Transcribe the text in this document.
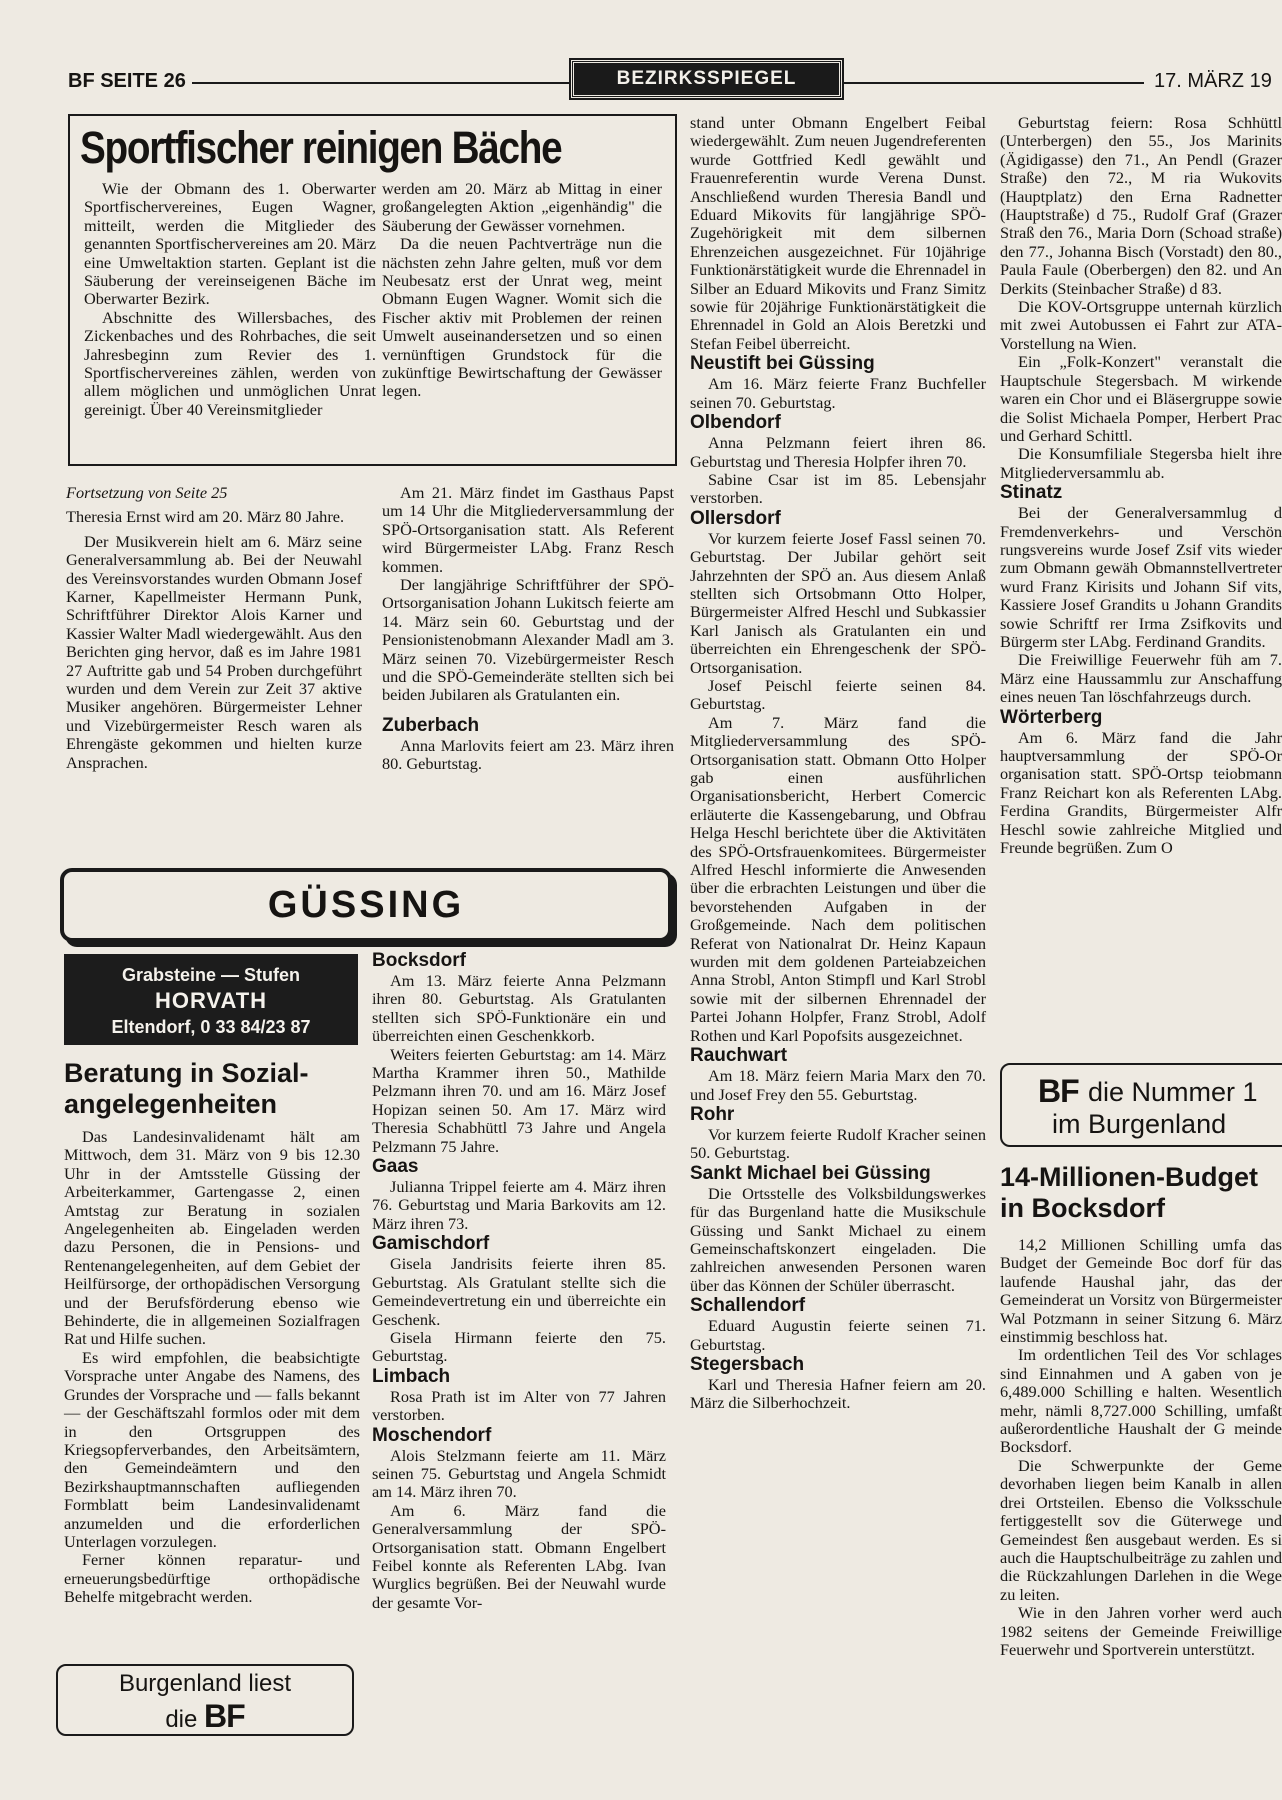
BF SEITE 26	BEZIRKSSPIEGEL	17. MÄRZ 19
Sportfischer reinigen Bäche

Wie der Obmann des 1. Oberwarter Sportfischervereines, Eugen Wagner, mitteilt, werden die Mitglieder des genannten Sportfischervereines am 20. März eine Umweltaktion starten. Geplant ist die Säuberung der vereinseigenen Bäche im Oberwarter Bezirk.

Abschnitte des Willersbaches, des Zickenbaches und des Rohrbaches, die seit Jahresbeginn zum Revier des 1. Sportfischervereines zählen, werden von allem möglichen und unmöglichen Unrat gereinigt. Über 40 Vereinsmitglieder

werden am 20. März ab Mittag in einer großangelegten Aktion „eigenhändig" die Säuberung der Gewässer vornehmen.

Da die neuen Pachtverträge nun die nächsten zehn Jahre gelten, muß vor dem Neubesatz erst der Unrat weg, meint Obmann Eugen Wagner. Womit sich die Fischer aktiv mit Problemen der reinen Umwelt auseinandersetzen und so einen vernünftigen Grundstock für die zukünftige Bewirtschaftung der Gewässer legen.

Fortsetzung von Seite 25

Theresia Ernst wird am 20. März 80 Jahre.

Der Musikverein hielt am 6. März seine Generalversammlung ab. Bei der Neuwahl des Vereinsvorstandes wurden Obmann Josef Karner, Kapellmeister Hermann Punk, Schriftführer Direktor Alois Karner und Kassier Walter Madl wiedergewählt. Aus den Berichten ging hervor, daß es im Jahre 1981 27 Auftritte gab und 54 Proben durchgeführt wurden und dem Verein zur Zeit 37 aktive Musiker angehören. Bürgermeister Lehner und Vizebürgermeister Resch waren als Ehrengäste gekommen und hielten kurze Ansprachen.

Am 21. März findet im Gasthaus Papst um 14 Uhr die Mitgliederversammlung der SPÖ-Ortsorganisation statt. Als Referent wird Bürgermeister LAbg. Franz Resch kommen.

Der langjährige Schriftführer der SPÖ-Ortsorganisation Johann Lukitsch feierte am 14. März sein 60. Geburtstag und der Pensionistenobmann Alexander Madl am 3. März seinen 70. Vizebürgermeister Resch und die SPÖ-Gemeinderäte stellten sich bei beiden Jubilaren als Gratulanten ein.

Zuberbach

Anna Marlovits feiert am 23. März ihren 80. Geburtstag.

stand unter Obmann Engelbert Feibal wiedergewählt. Zum neuen Jugendreferenten wurde Gottfried Kedl gewählt und Frauenreferentin wurde Verena Dunst. Anschließend wurden Theresia Bandl und Eduard Mikovits für langjährige SPÖ-Zugehörigkeit mit dem silbernen Ehrenzeichen ausgezeichnet. Für 10jährige Funktionärstätigkeit wurde die Ehrennadel in Silber an Eduard Mikovits und Franz Simitz sowie für 20jährige Funktionärstätigkeit die Ehrennadel in Gold an Alois Beretzki und Stefan Feibel überreicht.

Neustift bei Güssing

Am 16. März feierte Franz Buchfeller seinen 70. Geburtstag.

Olbendorf

Anna Pelzmann feiert ihren 86. Geburtstag und Theresia Holpfer ihren 70.

Sabine Csar ist im 85. Lebensjahr verstorben.

Ollersdorf

Vor kurzem feierte Josef Fassl seinen 70. Geburtstag. Der Jubilar gehört seit Jahrzehnten der SPÖ an. Aus diesem Anlaß stellten sich Ortsobmann Otto Holper, Bürgermeister Alfred Heschl und Subkassier Karl Janisch als Gratulanten ein und überreichten ein Ehrengeschenk der SPÖ-Ortsorganisation.

Josef Peischl feierte seinen 84. Geburtstag.

Am 7. März fand die Mitgliederversammlung des SPÖ-Ortsorganisation statt. Obmann Otto Holper gab einen ausführlichen Organisationsbericht, Herbert Comercic erläuterte die Kassengebarung, und Obfrau Helga Heschl berichtete über die Aktivitäten des SPÖ-Ortsfrauenkomitees. Bürgermeister Alfred Heschl informierte die Anwesenden über die erbrachten Leistungen und über die bevorstehenden Aufgaben in der Großgemeinde. Nach dem politischen Referat von Nationalrat Dr. Heinz Kapaun wurden mit dem goldenen Parteiabzeichen Anna Strobl, Anton Stimpfl und Karl Strobl sowie mit der silbernen Ehrennadel der Partei Johann Holpfer, Franz Strobl, Adolf Rothen und Karl Popofsits ausgezeichnet.

Rauchwart

Am 18. März feiern Maria Marx den 70. und Josef Frey den 55. Geburtstag.

Rohr

Vor kurzem feierte Rudolf Kracher seinen 50. Geburtstag.

Sankt Michael bei Güssing

Die Ortsstelle des Volksbildungswerkes für das Burgenland hatte die Musikschule Güssing und Sankt Michael zu einem Gemeinschaftskonzert eingeladen. Die zahlreichen anwesenden Personen waren über das Können der Schüler überrascht.

Schallendorf

Eduard Augustin feierte seinen 71. Geburtstag.

Stegersbach

Karl und Theresia Hafner feiern am 20. März die Silberhochzeit.

Geburtstag feiern: Rosa Schhüttl (Unterbergen) den 55., Jos Marinits (Ägidigasse) den 71., An Pendl (Grazer Straße) den 72., M ria Wukovits (Hauptplatz) den Erna Radnetter (Hauptstraße) d 75., Rudolf Graf (Grazer Straß den 76., Maria Dorn (Schoad straße) den 77., Johanna Bisch (Vorstadt) den 80., Paula Faule (Oberbergen) den 82. und An Derkits (Steinbacher Straße) d 83.

Die KOV-Ortsgruppe unternah kürzlich mit zwei Autobussen ei Fahrt zur ATA-Vorstellung na Wien.

Ein „Folk-Konzert" veranstalt die Hauptschule Stegersbach. M wirkende waren ein Chor und ei Bläsergruppe sowie die Solist Michaela Pomper, Herbert Prac und Gerhard Schittl.

Die Konsumfiliale Stegersba hielt ihre Mitgliederversammlu ab.

Stinatz

Bei der Generalversammlug d Fremdenverkehrs- und Verschön rungsvereins wurde Josef Zsif vits wieder zum Obmann gewäh Obmannstellvertreter wurd Franz Kirisits und Johann Sif vits, Kassiere Josef Grandits u Johann Grandits sowie Schriftf rer Irma Zsifkovits und Bürgerm ster LAbg. Ferdinand Grandits.

Die Freiwillige Feuerwehr füh am 7. März eine Haussammlu zur Anschaffung eines neuen Tan löschfahrzeugs durch.

Wörterberg

Am 6. März fand die Jahr hauptversammlung der SPÖ-Or organisation statt. SPÖ-Ortsp teiobmann Franz Reichart kon als Referenten LAbg. Ferdina Grandits, Bürgermeister Alfr Heschl sowie zahlreiche Mitglied und Freunde begrüßen. Zum O

GÜSSING
Grabsteine — Stufen
HORVATH
Eltendorf, 0 33 84/23 87
Beratung in Sozial-
angelegenheiten

Das Landesinvalidenamt hält am Mittwoch, dem 31. März von 9 bis 12.30 Uhr in der Amtsstelle Güssing der Arbeiterkammer, Gartengasse 2, einen Amtstag zur Beratung in sozialen Angelegenheiten ab. Eingeladen werden dazu Personen, die in Pensions- und Rentenangelegenheiten, auf dem Gebiet der Heilfürsorge, der orthopädischen Versorgung und der Berufsförderung ebenso wie Behinderte, die in allgemeinen Sozialfragen Rat und Hilfe suchen.

Es wird empfohlen, die beabsichtigte Vorsprache unter Angabe des Namens, des Grundes der Vorsprache und — falls bekannt — der Geschäftszahl formlos oder mit dem in den Ortsgruppen des Kriegsopferverbandes, den Arbeitsämtern, den Gemeindeämtern und den Bezirkshauptmannschaften aufliegenden Formblatt beim Landesinvalidenamt anzumelden und die erforderlichen Unterlagen vorzulegen.

Ferner können reparatur- und erneuerungsbedürftige orthopädische Behelfe mitgebracht werden.

Burgenland liest
die BF

Bocksdorf

Am 13. März feierte Anna Pelzmann ihren 80. Geburtstag. Als Gratulanten stellten sich SPÖ-Funktionäre ein und überreichten einen Geschenkkorb.

Weiters feierten Geburtstag: am 14. März Martha Krammer ihren 50., Mathilde Pelzmann ihren 70. und am 16. März Josef Hopizan seinen 50. Am 17. März wird Theresia Schabhüttl 73 Jahre und Angela Pelzmann 75 Jahre.

Gaas

Julianna Trippel feierte am 4. März ihren 76. Geburtstag und Maria Barkovits am 12. März ihren 73.

Gamischdorf

Gisela Jandrisits feierte ihren 85. Geburtstag. Als Gratulant stellte sich die Gemeindevertretung ein und überreichte ein Geschenk.

Gisela Hirmann feierte den 75. Geburtstag.

Limbach

Rosa Prath ist im Alter von 77 Jahren verstorben.

Moschendorf

Alois Stelzmann feierte am 11. März seinen 75. Geburtstag und Angela Schmidt am 14. März ihren 70.

Am 6. März fand die Generalversammlung der SPÖ-Ortsorganisation statt. Obmann Engelbert Feibel konnte als Referenten LAbg. Ivan Wurglics begrüßen. Bei der Neuwahl wurde der gesamte Vor-

BF die Nummer 1
im Burgenland
14-Millionen-Budget
in Bocksdorf

14,2 Millionen Schilling umfa das Budget der Gemeinde Boc dorf für das laufende Haushal jahr, das der Gemeinderat un Vorsitz von Bürgermeister Wal Potzmann in seiner Sitzung 6. März einstimmig beschloss hat.

Im ordentlichen Teil des Vor schlages sind Einnahmen und A gaben von je 6,489.000 Schilling e halten. Wesentlich mehr, nämli 8,727.000 Schilling, umfaßt außerordentliche Haushalt der G meinde Bocksdorf.

Die Schwerpunkte der Geme devorhaben liegen beim Kanalb in allen drei Ortsteilen. Ebenso die Volksschule fertiggestellt sov die Güterwege und Gemeindest ßen ausgebaut werden. Es si auch die Hauptschulbeiträge zu zahlen und die Rückzahlungen Darlehen in die Wege zu leiten.

Wie in den Jahren vorher werd auch 1982 seitens der Gemeinde Freiwillige Feuerwehr und Sportverein unterstützt.
